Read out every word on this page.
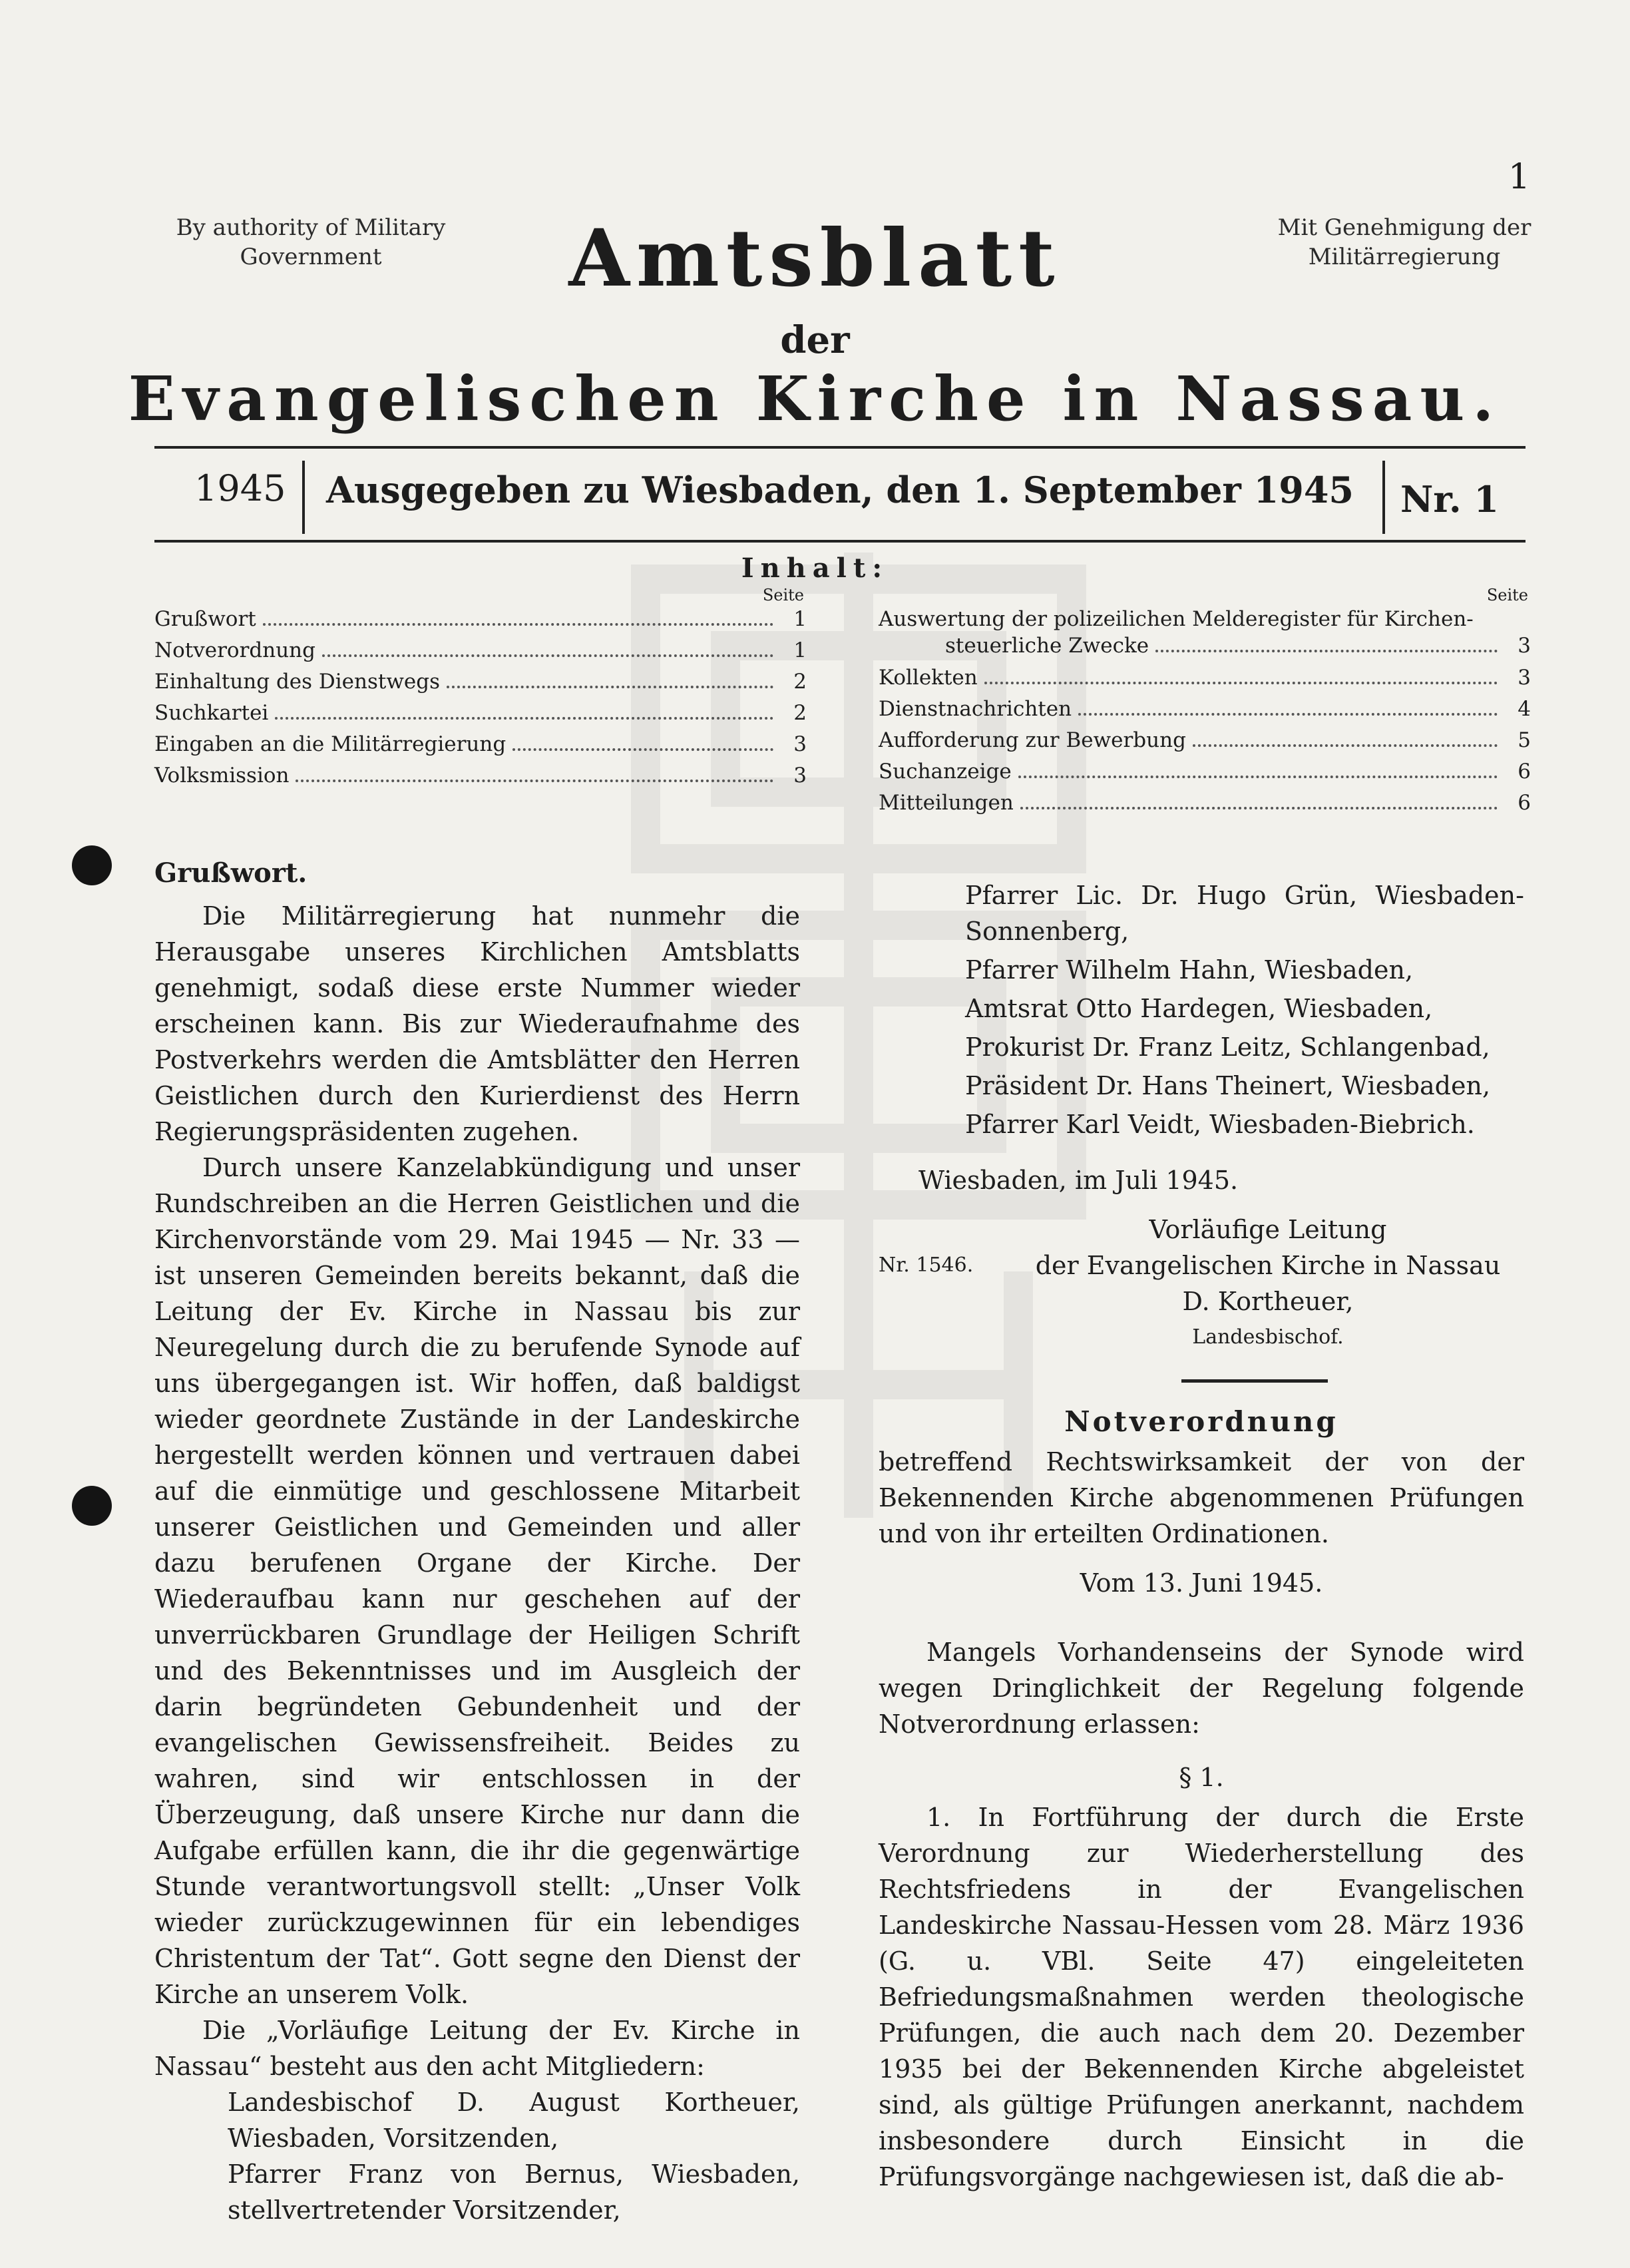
1
By authority of Military
Government
Mit Genehmigung der
Militärregierung
Amtsblatt
der
Evangelischen Kirche in Nassau.
1945	Ausgegeben zu Wiesbaden, den 1. September 1945	Nr. 1
Inhalt:
Seite
Grußwort	1
Notverordnung	1
Einhaltung des Dienstwegs	2
Suchkartei	2
Eingaben an die Militärregierung	3
Volksmission	3
Seite
Auswertung der polizeilichen Melderegister für Kirchen-
steuerliche Zwecke	3
Kollekten	3
Dienstnachrichten	4
Aufforderung zur Bewerbung	5
Suchanzeige	6
Mitteilungen	6
Grußwort.

Die Militärregierung hat nunmehr die Herausgabe unseres Kirchlichen Amtsblatts genehmigt, sodaß diese erste Nummer wieder erscheinen kann. Bis zur Wiederaufnahme des Postverkehrs werden die Amtsblätter den Herren Geistlichen durch den Kurierdienst des Herrn Regierungspräsidenten zugehen.

Durch unsere Kanzelabkündigung und unser Rundschreiben an die Herren Geistlichen und die Kirchenvorstände vom 29. Mai 1945 — Nr. 33 — ist unseren Gemeinden bereits bekannt, daß die Leitung der Ev. Kirche in Nassau bis zur Neuregelung durch die zu berufende Synode auf uns übergegangen ist. Wir hoffen, daß baldigst wieder geordnete Zustände in der Landeskirche hergestellt werden können und vertrauen dabei auf die einmütige und geschlossene Mitarbeit unserer Geistlichen und Gemeinden und aller dazu berufenen Organe der Kirche. Der Wiederaufbau kann nur geschehen auf der unverrückbaren Grundlage der Heiligen Schrift und des Bekenntnisses und im Ausgleich der darin begründeten Gebundenheit und der evangelischen Gewissensfreiheit. Beides zu wahren, sind wir entschlossen in der Überzeugung, daß unsere Kirche nur dann die Aufgabe erfüllen kann, die ihr die gegenwärtige Stunde verantwortungsvoll stellt: „Unser Volk wieder zurückzugewinnen für ein lebendiges Christentum der Tat“. Gott segne den Dienst der Kirche an unserem Volk.

Die „Vorläufige Leitung der Ev. Kirche in Nassau“ besteht aus den acht Mitgliedern:

Landesbischof D. August Kortheuer, Wiesbaden, Vorsitzenden,

Pfarrer Franz von Bernus, Wiesbaden, stellvertretender Vorsitzender,

Pfarrer Lic. Dr. Hugo Grün, Wiesbaden-Sonnenberg,

Pfarrer Wilhelm Hahn, Wiesbaden,

Amtsrat Otto Hardegen, Wiesbaden,

Prokurist Dr. Franz Leitz, Schlangenbad,

Präsident Dr. Hans Theinert, Wiesbaden,

Pfarrer Karl Veidt, Wiesbaden-Biebrich.

Wiesbaden, im Juli 1945.

Vorläufige Leitung

Nr. 1546. der Evangelischen Kirche in Nassau

D. Kortheuer,

Landesbischof.

Notverordnung

betreffend Rechtswirksamkeit der von der Bekennenden Kirche abgenommenen Prüfungen und von ihr erteilten Ordinationen.

Vom 13. Juni 1945.

Mangels Vorhandenseins der Synode wird wegen Dringlichkeit der Regelung folgende Notverordnung erlassen:

§ 1.

1. In Fortführung der durch die Erste Verordnung zur Wiederherstellung des Rechtsfriedens in der Evangelischen Landeskirche Nassau-Hessen vom 28. März 1936 (G. u. VBl. Seite 47) eingeleiteten Befriedungsmaßnahmen werden theologische Prüfungen, die auch nach dem 20. Dezember 1935 bei der Bekennenden Kirche abgeleistet sind, als gültige Prüfungen anerkannt, nachdem insbesondere durch Einsicht in die Prüfungsvorgänge nachgewiesen ist, daß die ab-
